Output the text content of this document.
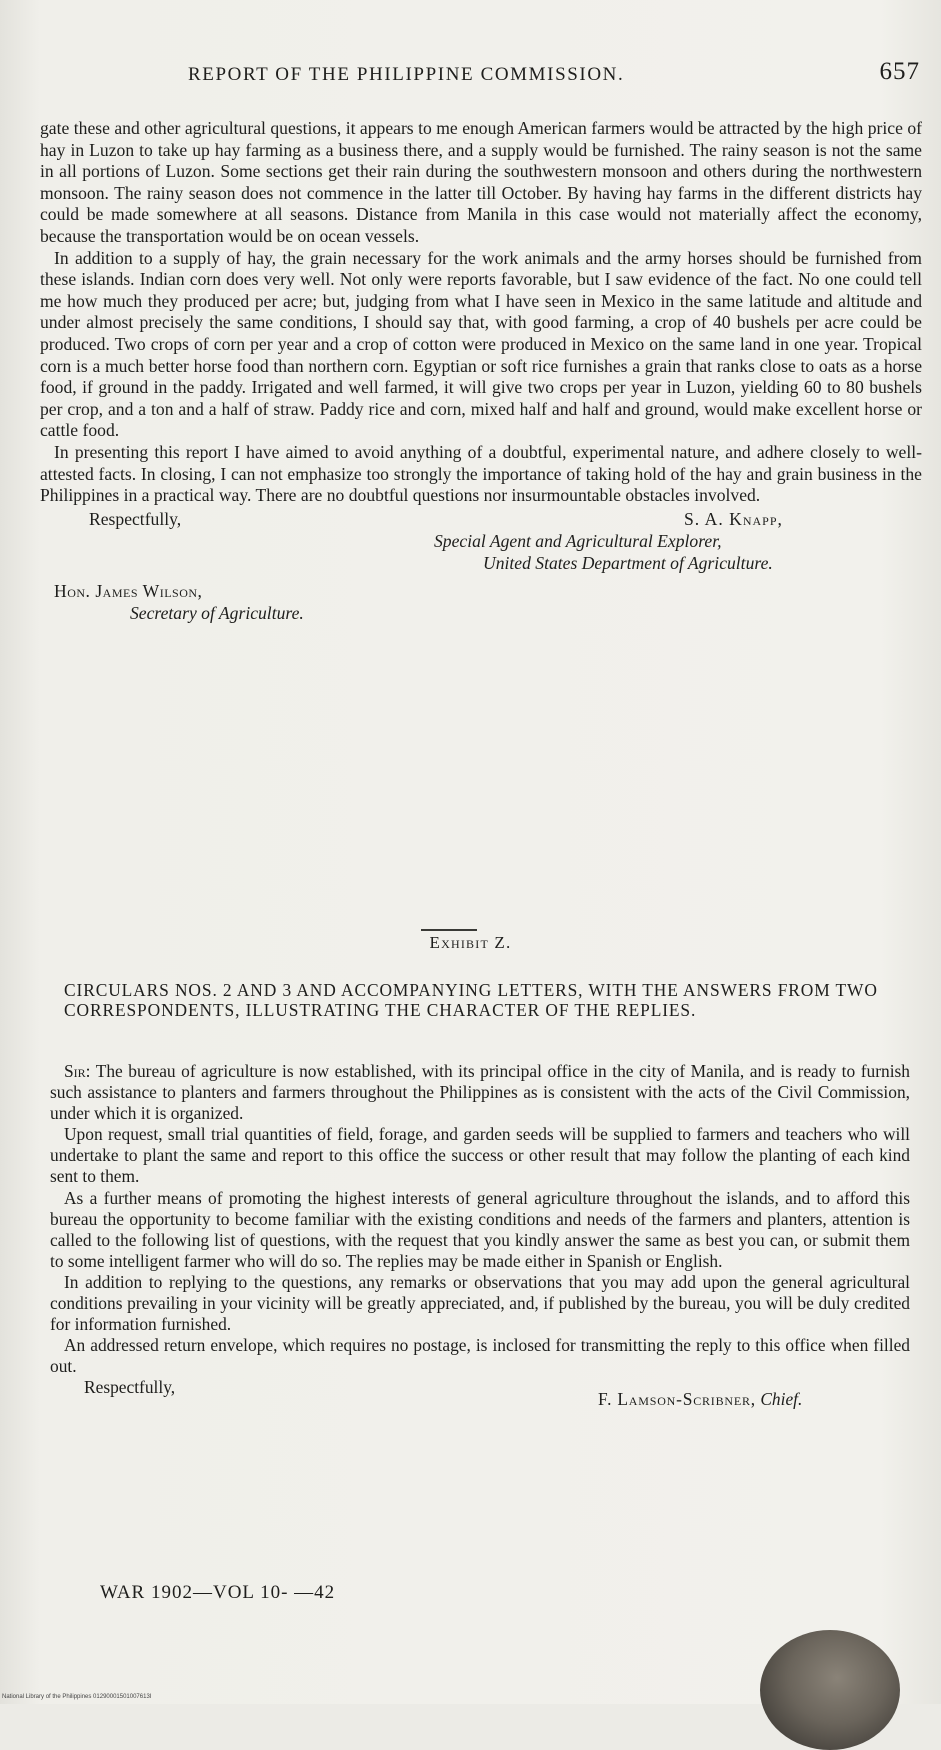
REPORT OF THE PHILIPPINE COMMISSION.	657

gate these and other agricultural questions, it appears to me enough American farmers would be attracted by the high price of hay in Luzon to take up hay farming as a business there, and a supply would be furnished. The rainy season is not the same in all portions of Luzon. Some sections get their rain during the southwestern monsoon and others during the northwestern monsoon. The rainy season does not commence in the latter till October. By having hay farms in the different districts hay could be made somewhere at all seasons. Distance from Manila in this case would not materially affect the economy, because the transportation would be on ocean vessels.

In addition to a supply of hay, the grain necessary for the work animals and the army horses should be furnished from these islands. Indian corn does very well. Not only were reports favorable, but I saw evidence of the fact. No one could tell me how much they produced per acre; but, judging from what I have seen in Mexico in the same latitude and altitude and under almost precisely the same conditions, I should say that, with good farming, a crop of 40 bushels per acre could be produced. Two crops of corn per year and a crop of cotton were produced in Mexico on the same land in one year. Tropical corn is a much better horse food than northern corn. Egyptian or soft rice furnishes a grain that ranks close to oats as a horse food, if ground in the paddy. Irrigated and well farmed, it will give two crops per year in Luzon, yielding 60 to 80 bushels per crop, and a ton and a half of straw. Paddy rice and corn, mixed half and half and ground, would make excellent horse or cattle food.

In presenting this report I have aimed to avoid anything of a doubtful, experimental nature, and adhere closely to well-attested facts. In closing, I can not emphasize too strongly the importance of taking hold of the hay and grain business in the Philippines in a practical way. There are no doubtful questions nor insurmountable obstacles involved.

Respectfully,	S. A. Knapp,
Special Agent and Agricultural Explorer,
United States Department of Agriculture.
Hon. James Wilson,
Secretary of Agriculture.
Exhibit Z.
CIRCULARS NOS. 2 AND 3 AND ACCOMPANYING LETTERS, WITH THE ANSWERS FROM TWO CORRESPONDENTS, ILLUSTRATING THE CHARACTER OF THE REPLIES.

Sir: The bureau of agriculture is now established, with its principal office in the city of Manila, and is ready to furnish such assistance to planters and farmers throughout the Philippines as is consistent with the acts of the Civil Commission, under which it is organized.

Upon request, small trial quantities of field, forage, and garden seeds will be supplied to farmers and teachers who will undertake to plant the same and report to this office the success or other result that may follow the planting of each kind sent to them.

As a further means of promoting the highest interests of general agriculture throughout the islands, and to afford this bureau the opportunity to become familiar with the existing conditions and needs of the farmers and planters, attention is called to the following list of questions, with the request that you kindly answer the same as best you can, or submit them to some intelligent farmer who will do so. The replies may be made either in Spanish or English.

In addition to replying to the questions, any remarks or observations that you may add upon the general agricultural conditions prevailing in your vicinity will be greatly appreciated, and, if published by the bureau, you will be duly credited for information furnished.

An addressed return envelope, which requires no postage, is inclosed for transmitting the reply to this office when filled out.

Respectfully,
F. Lamson-Scribner, Chief.
WAR 1902—VOL 10- —42
National Library of the Philippines 01290001501007613I
